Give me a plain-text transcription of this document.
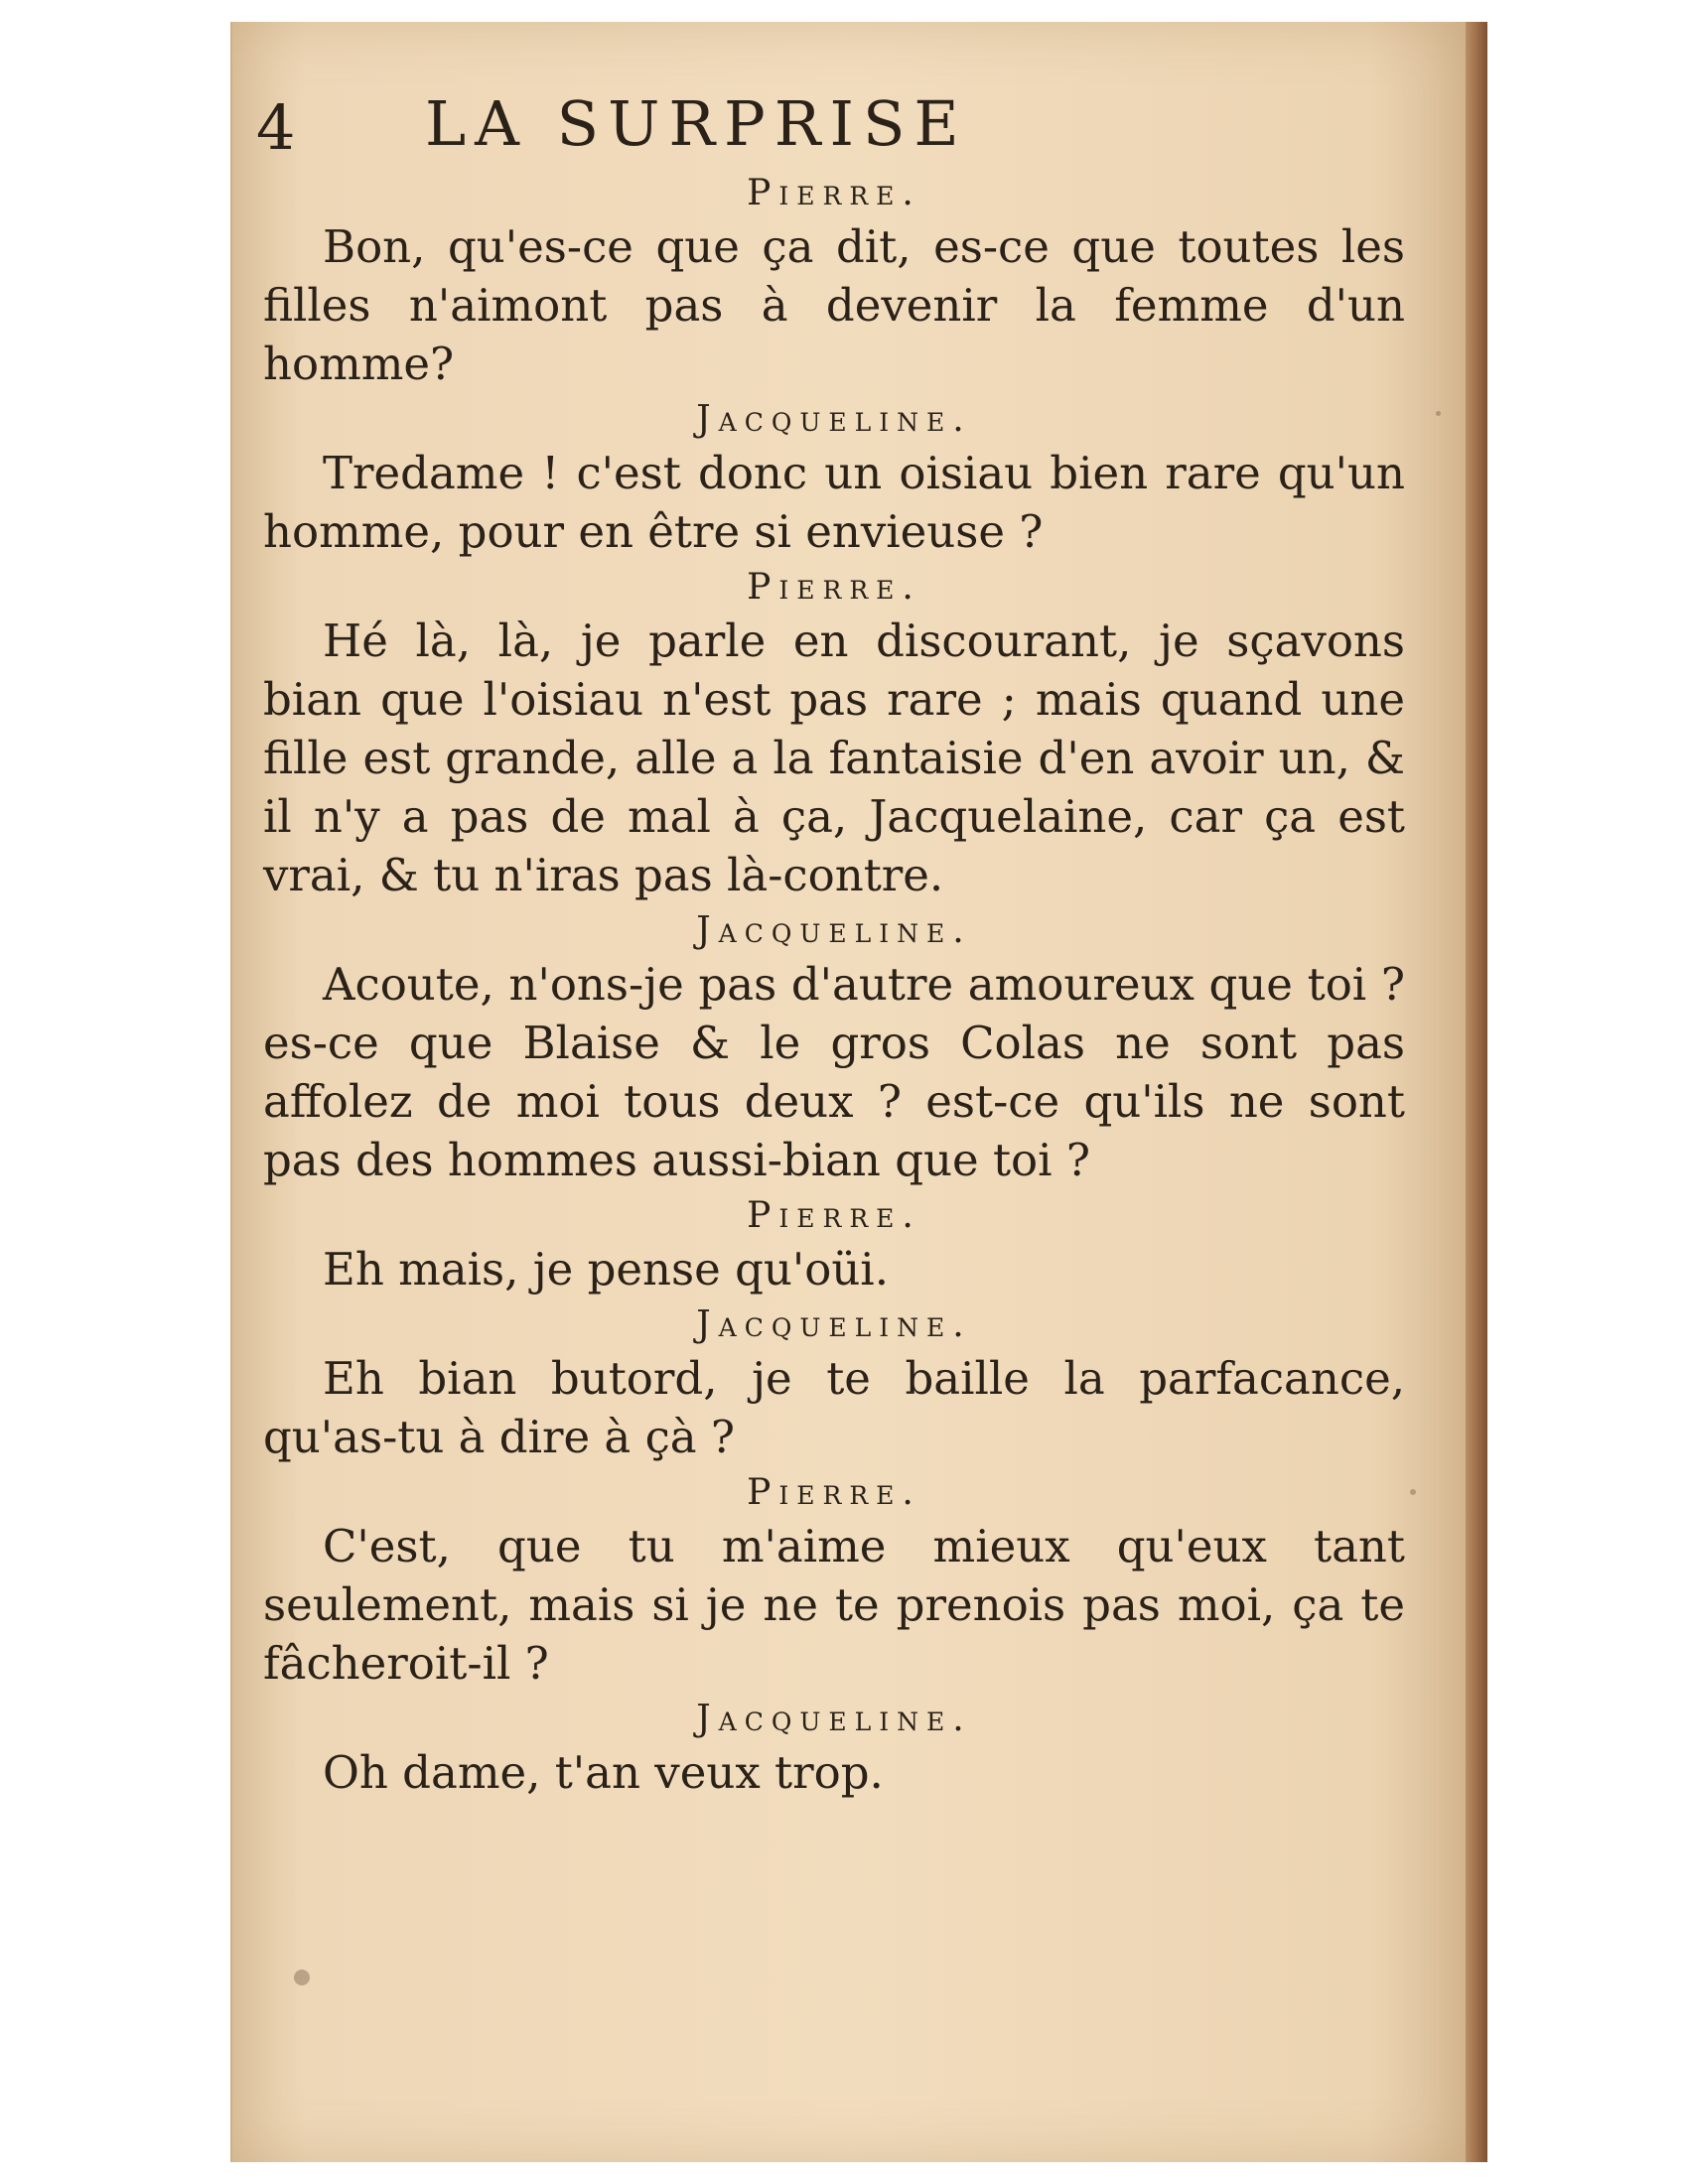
4 LA SURPRISE
Pierre.

Bon, qu'es-ce que ça dit, es-ce que toutes les filles n'aimont pas à devenir la femme d'un homme?

Jacqueline.

Tredame ! c'est donc un oisiau bien rare qu'un homme, pour en être si envieuse ?

Pierre.

Hé là, là, je parle en discourant, je sçavons bian que l'oisiau n'est pas rare ; mais quand une fille est grande, alle a la fantaisie d'en avoir un, & il n'y a pas de mal à ça, Jacquelaine, car ça est vrai, & tu n'iras pas là-contre.

Jacqueline.

Acoute, n'ons-je pas d'autre amoureux que toi ? es-ce que Blaise & le gros Colas ne sont pas affolez de moi tous deux ? est-ce qu'ils ne sont pas des hommes aussi-bian que toi ?

Pierre.

Eh mais, je pense qu'oüi.

Jacqueline.

Eh bian butord, je te baille la parfacance, qu'as-tu à dire à çà ?

Pierre.

C'est, que tu m'aime mieux qu'eux tant seulement, mais si je ne te prenois pas moi, ça te fâcheroit-il ?

Jacqueline.

Oh dame, t'an veux trop.
